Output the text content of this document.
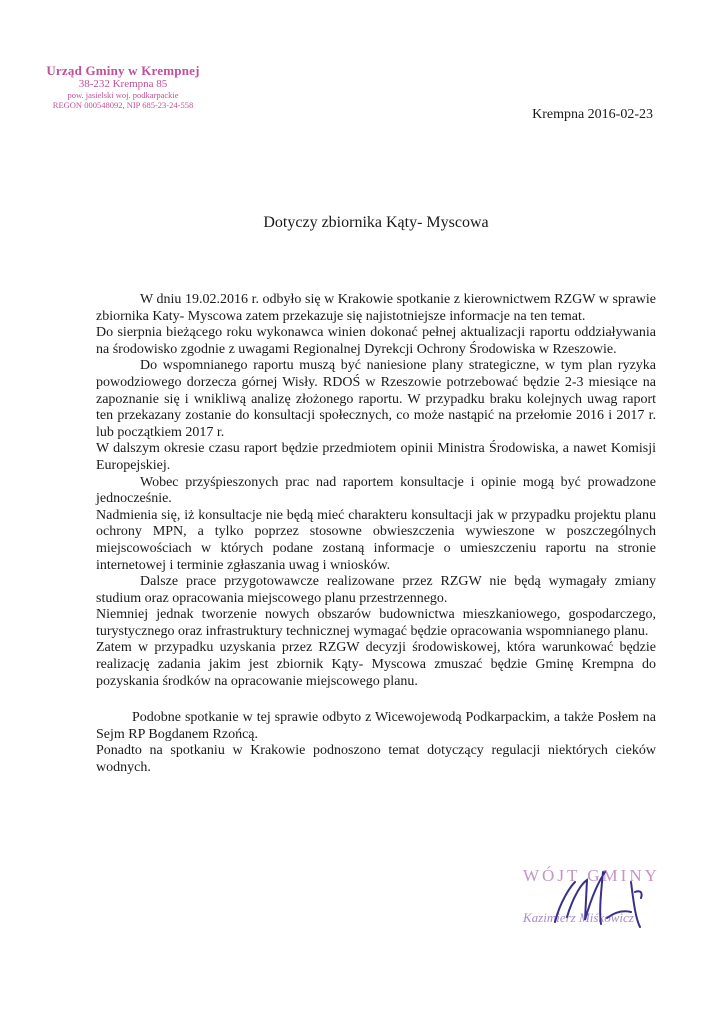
Urząd Gminy w Krempnej
38-232 Krempna 85
pow. jasielski woj. podkarpackie
REGON 000548092, NIP 685-23-24-558
Krempna 2016-02-23
Dotyczy zbiornika Kąty- Myscowa

W dniu 19.02.2016 r. odbyło się w Krakowie spotkanie z kierownictwem RZGW w sprawie zbiornika Katy- Myscowa zatem przekazuje się najistotniejsze informacje na ten temat.

Do sierpnia bieżącego roku wykonawca winien dokonać pełnej aktualizacji raportu oddziaływania na środowisko zgodnie z uwagami Regionalnej Dyrekcji Ochrony Środowiska w Rzeszowie.

Do wspomnianego raportu muszą być naniesione plany strategiczne, w tym plan ryzyka powodziowego dorzecza górnej Wisły. RDOŚ w Rzeszowie potrzebować będzie 2-3 miesiące na zapoznanie się i wnikliwą analizę złożonego raportu. W przypadku braku kolejnych uwag raport ten przekazany zostanie do konsultacji społecznych, co może nastąpić na przełomie 2016 i 2017 r. lub początkiem 2017 r.

W dalszym okresie czasu raport będzie przedmiotem opinii Ministra Środowiska, a nawet Komisji Europejskiej.

Wobec przyśpieszonych prac nad raportem konsultacje i opinie mogą być prowadzone jednocześnie.

Nadmienia się, iż konsultacje nie będą mieć charakteru konsultacji jak w przypadku projektu planu ochrony MPN, a tylko poprzez stosowne obwieszczenia wywieszone w poszczególnych miejscowościach w których podane zostaną informacje o umieszczeniu raportu na stronie internetowej i terminie zgłaszania uwag i wniosków.

Dalsze prace przygotowawcze realizowane przez RZGW nie będą wymagały zmiany studium oraz opracowania miejscowego planu przestrzennego.

Niemniej jednak tworzenie nowych obszarów budownictwa mieszkaniowego, gospodarczego, turystycznego oraz infrastruktury technicznej wymagać będzie opracowania wspomnianego planu.

Zatem w przypadku uzyskania przez RZGW decyzji środowiskowej, która warunkować będzie realizację zadania jakim jest zbiornik Kąty- Myscowa zmuszać będzie Gminę Krempna do pozyskania środków na opracowanie miejscowego planu.

Podobne spotkanie w tej sprawie odbyto z Wicewojewodą Podkarpackim, a także Posłem na Sejm RP Bogdanem Rzońcą.

Ponadto na spotkaniu w Krakowie podnoszono temat dotyczący regulacji niektórych cieków wodnych.

WÓJT GMINY
Kazimierz Miśkowicz
